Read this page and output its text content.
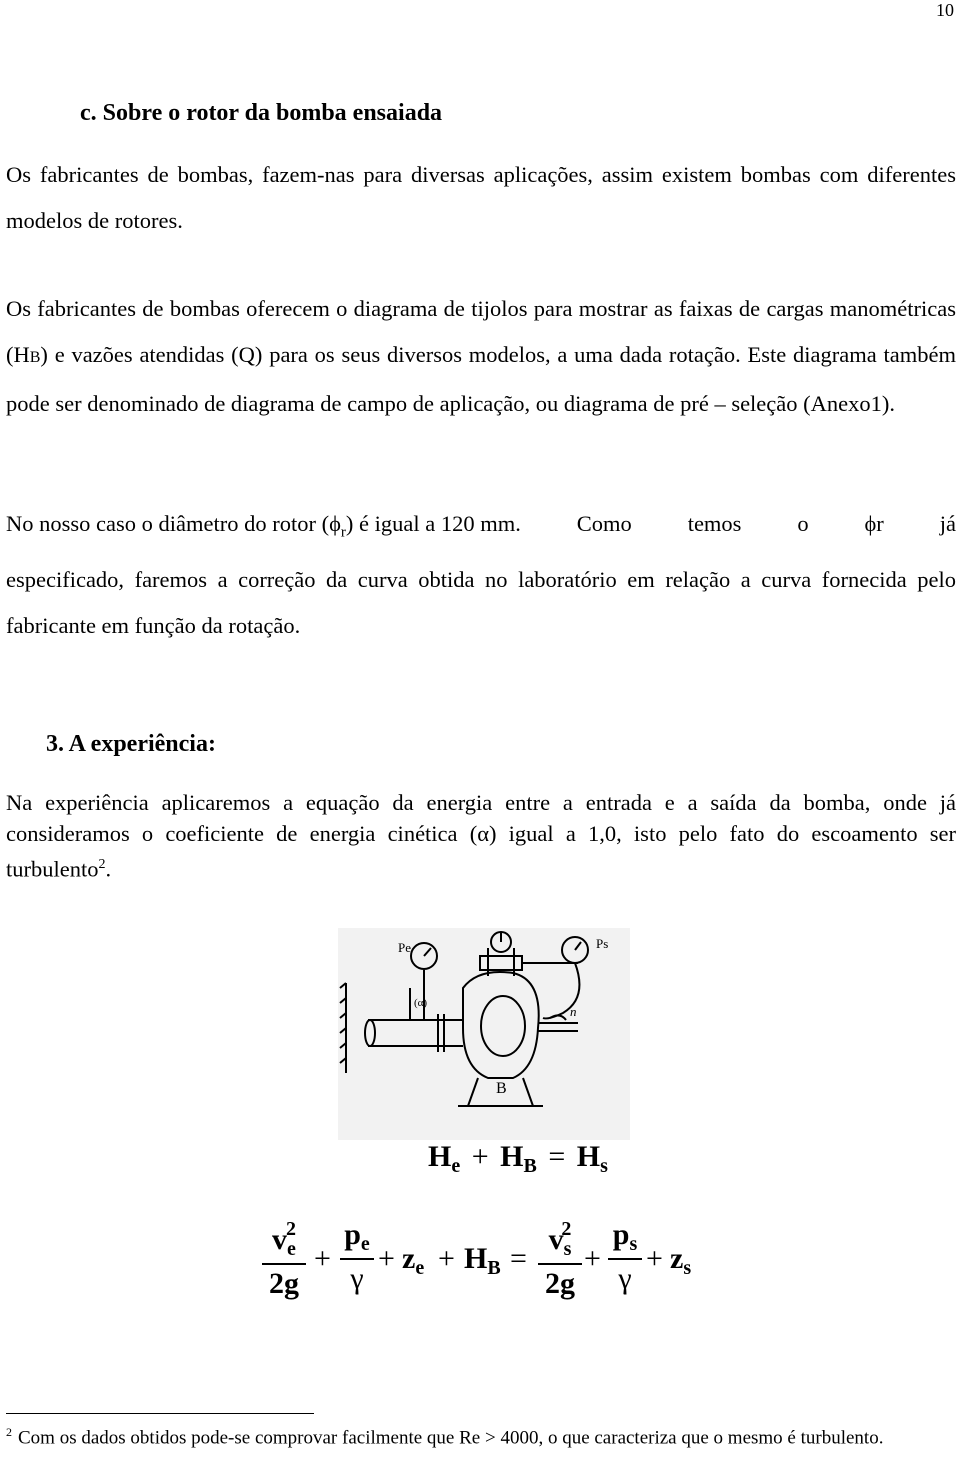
10
c. Sobre o rotor da bomba ensaiada
Os fabricantes de bombas, fazem-nas para diversas aplicações, assim existem bombas com diferentes modelos de rotores.
Os fabricantes de bombas oferecem o diagrama de tijolos para mostrar as faixas de cargas manométricas (HB) e vazões atendidas (Q) para os seus diversos modelos, a uma dada rotação. Este diagrama também pode ser denominado de diagrama de campo de aplicação, ou diagrama de pré – seleção (Anexo1).
No nosso caso o diâmetro do rotor $(\phi_r)$ é igual a 120 mm. Como temos o ϕr já
especificado, faremos a correção da curva obtida no laboratório em relação a curva fornecida pelo fabricante em função da rotação.
3. A experiência:
Na experiência aplicaremos a equação da energia entre a entrada e a saída da bomba, onde já consideramos o coeficiente de energia cinética (α) igual a 1,0, isto pelo fato do escoamento ser turbulento$^2$.
Pe	Ps
(α)
n
B
$H_e + H_B = H_s$
$v_e^2$
2g
+
$p_e$
γ
+ $z_e + H_B$ =
$v_s^2$
2g
+
$p_s$
γ
+ $z_s$
$^2$ Com os dados obtidos pode-se comprovar facilmente que Re > 4000, o que caracteriza que o mesmo é turbulento.
